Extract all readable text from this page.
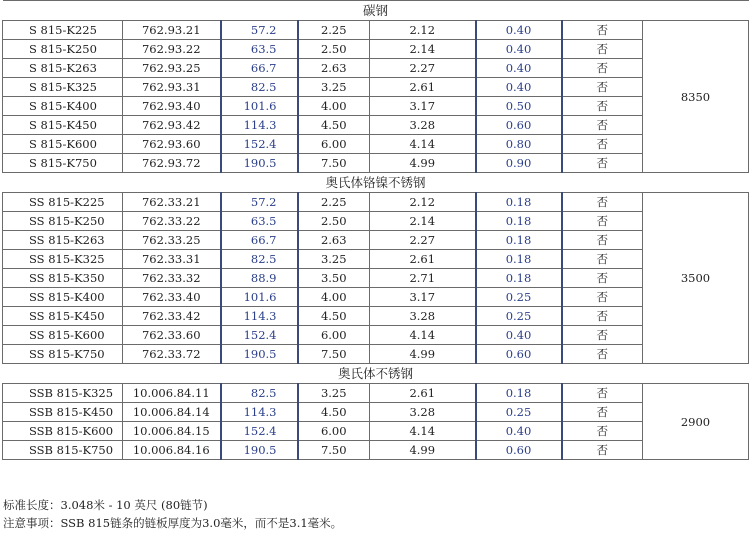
碳钢							
S 815-K225	762.93.21	57.2	2.25	2.12	0.40	否	8350
S 815-K250	762.93.22	63.5	2.50	2.14	0.40	否	
S 815-K263	762.93.25	66.7	2.63	2.27	0.40	否	
S 815-K325	762.93.31	82.5	3.25	2.61	0.40	否	
S 815-K400	762.93.40	101.6	4.00	3.17	0.50	否	
S 815-K450	762.93.42	114.3	4.50	3.28	0.60	否	
S 815-K600	762.93.60	152.4	6.00	4.14	0.80	否	
S 815-K750	762.93.72	190.5	7.50	4.99	0.90	否	
奥氏体铬镍不锈钢							
SS 815-K225	762.33.21	57.2	2.25	2.12	0.18	否	3500
SS 815-K250	762.33.22	63.5	2.50	2.14	0.18	否	
SS 815-K263	762.33.25	66.7	2.63	2.27	0.18	否	
SS 815-K325	762.33.31	82.5	3.25	2.61	0.18	否	
SS 815-K350	762.33.32	88.9	3.50	2.71	0.18	否	
SS 815-K400	762.33.40	101.6	4.00	3.17	0.25	否	
SS 815-K450	762.33.42	114.3	4.50	3.28	0.25	否	
SS 815-K600	762.33.60	152.4	6.00	4.14	0.40	否	
SS 815-K750	762.33.72	190.5	7.50	4.99	0.60	否	
奥氏体不锈钢							
SSB 815-K325	10.006.84.11	82.5	3.25	2.61	0.18	否	2900
SSB 815-K450	10.006.84.14	114.3	4.50	3.28	0.25	否	
SSB 815-K600	10.006.84.15	152.4	6.00	4.14	0.40	否	
SSB 815-K750	10.006.84.16	190.5	7.50	4.99	0.60	否	
标准长度：3.048米 - 10 英尺 (80链节)
注意事项：SSB 815链条的链板厚度为3.0毫米，而不是3.1毫米。
